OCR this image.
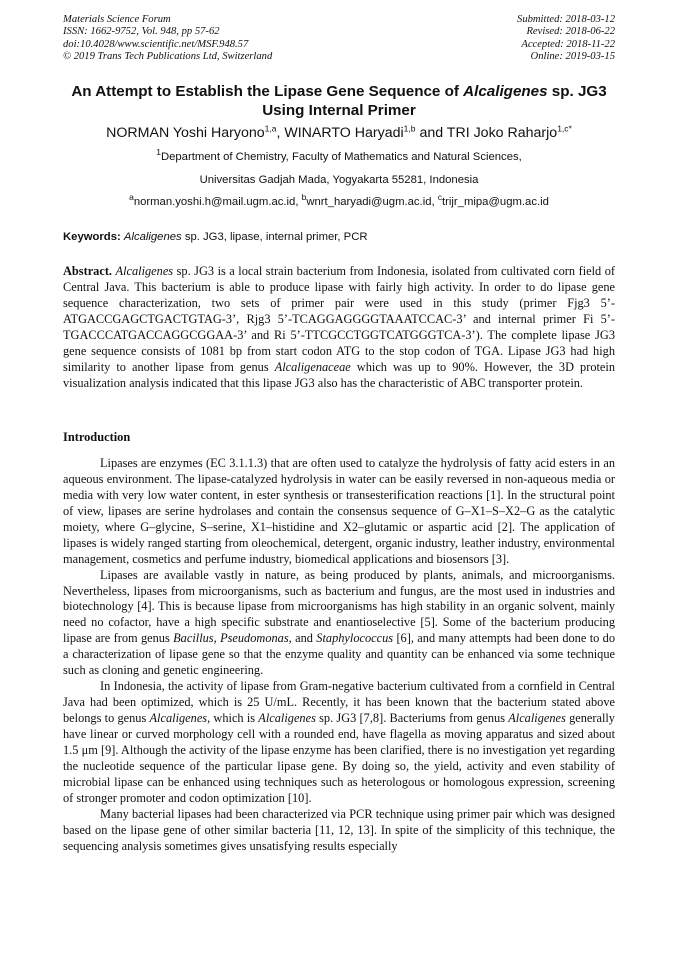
Materials Science Forum
ISSN: 1662-9752, Vol. 948, pp 57-62
doi:10.4028/www.scientific.net/MSF.948.57
© 2019 Trans Tech Publications Ltd, Switzerland
Submitted: 2018-03-12
Revised: 2018-06-22
Accepted: 2018-11-22
Online: 2019-03-15
An Attempt to Establish the Lipase Gene Sequence of Alcaligenes sp. JG3 Using Internal Primer
NORMAN Yoshi Haryono$^{1,a}$, WINARTO Haryadi$^{1,b}$ and TRI Joko Raharjo$^{1,c*}$
$^1$Department of Chemistry, Faculty of Mathematics and Natural Sciences,
Universitas Gadjah Mada, Yogyakarta 55281, Indonesia
$^a$norman.yoshi.h@mail.ugm.ac.id, $^b$wnrt_haryadi@ugm.ac.id, $^c$trijr_mipa@ugm.ac.id
Keywords: Alcaligenes sp. JG3, lipase, internal primer, PCR

Abstract. Alcaligenes sp. JG3 is a local strain bacterium from Indonesia, isolated from cultivated corn field of Central Java. This bacterium is able to produce lipase with fairly high activity. In order to do lipase gene sequence characterization, two sets of primer pair were used in this study (primer Fjg3 5’- ATGACCGAGCTGACTGTAG-3’, Rjg3 5’-TCAGGAGGGGTAAATCCAC-3’ and internal primer Fi 5’-TGACCCATGACCAGGCGGAA-3’ and Ri 5’-TTCGCCTGGTCATGGGTCA-3’). The complete lipase JG3 gene sequence consists of 1081 bp from start codon ATG to the stop codon of TGA. Lipase JG3 had high similarity to another lipase from genus Alcaligenaceae which was up to 90%. However, the 3D protein visualization analysis indicated that this lipase JG3 also has the characteristic of ABC transporter protein.

Introduction

Lipases are enzymes (EC 3.1.1.3) that are often used to catalyze the hydrolysis of fatty acid esters in an aqueous environment. The lipase-catalyzed hydrolysis in water can be easily reversed in non-aqueous media or media with very low water content, in ester synthesis or transesterification reactions [1]. In the structural point of view, lipases are serine hydrolases and contain the consensus sequence of G–X1–S–X2–G as the catalytic moiety, where G–glycine, S–serine, X1–histidine and X2–glutamic or aspartic acid [2]. The application of lipases is widely ranged starting from oleochemical, detergent, organic industry, leather industry, environmental management, cosmetics and perfume industry, biomedical applications and biosensors [3].

Lipases are available vastly in nature, as being produced by plants, animals, and microorganisms. Nevertheless, lipases from microorganisms, such as bacterium and fungus, are the most used in industries and biotechnology [4]. This is because lipase from microorganisms has high stability in an organic solvent, mainly need no cofactor, have a high specific substrate and enantioselective [5]. Some of the bacterium producing lipase are from genus Bacillus, Pseudomonas, and Staphylococcus [6], and many attempts had been done to do a characterization of lipase gene so that the enzyme quality and quantity can be enhanced via some technique such as cloning and genetic engineering.

In Indonesia, the activity of lipase from Gram-negative bacterium cultivated from a cornfield in Central Java had been optimized, which is 25 U/mL. Recently, it has been known that the bacterium stated above belongs to genus Alcaligenes, which is Alcaligenes sp. JG3 [7,8]. Bacteriums from genus Alcaligenes generally have linear or curved morphology cell with a rounded end, have flagella as moving apparatus and sized about 1.5 μm [9]. Although the activity of the lipase enzyme has been clarified, there is no investigation yet regarding the nucleotide sequence of the particular lipase gene. By doing so, the yield, activity and even stability of microbial lipase can be enhanced using techniques such as heterologous or homologous expression, screening of stronger promoter and codon optimization [10].

Many bacterial lipases had been characterized via PCR technique using primer pair which was designed based on the lipase gene of other similar bacteria [11, 12, 13]. In spite of the simplicity of this technique, the sequencing analysis sometimes gives unsatisfying results especially
